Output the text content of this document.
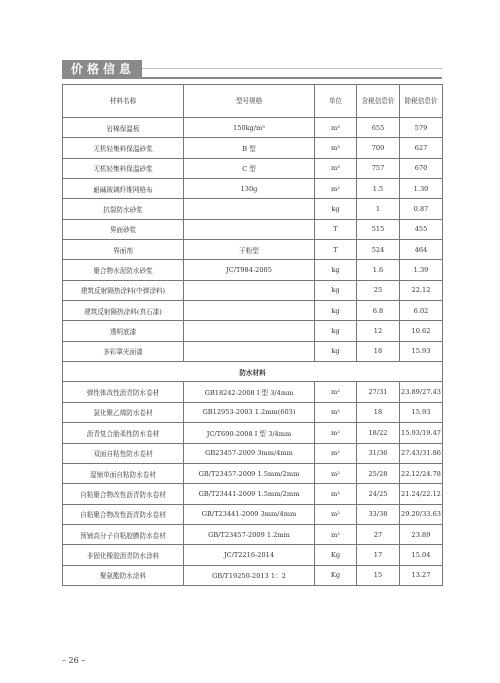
价格信息
材料名称	型号规格	单位	含税信息价	除税信息价
岩棉保温板	150kg/m³	m³	655	579
无机轻集料保温砂浆	B 型	m³	709	627
无机轻集料保温砂浆	C 型	m³	757	670
耐碱玻璃纤维网格布	130g	m²	1.5	1.30
抗裂防水砂浆		kg	1	0.87
界面砂浆		T	515	455
界面剂	干粉型	T	524	464
聚合物水泥防水砂浆	JC/T984-2005	kg	1.6	1.39
建筑反射隔热涂料(中弹涂料)		kg	25	22.12
建筑反射隔热涂料(真石漆)		kg	6.8	6.02
透明底漆		kg	12	10.62
多彩罩光面漆		kg	18	15.93
防水材料				
弹性体改性沥青防水卷材	GB18242-2008 Ⅰ 型 3/4mm	m²	27/31	23.89/27.43
氯化聚乙烯防水卷材	GB12953-2003 1.2mm(603)	m²	18	15.93
沥青复合胎柔性防水卷材	JC/T690-2008 Ⅰ 型 3/4mm	m²	18/22	15.93/19.47
双面自粘性防水卷材	GB23457-2009 3mm/4mm	m²	31/36	27.43/31.86
湿铺单面自粘防水卷材	GB/T23457-2009 1.5mm/2mm	m²	25/28	22.12/24.78
自粘聚合物改性沥青防水卷材	GB/T23441-2009 1.5mm/2mm	m²	24/25	21.24/22.12
自粘聚合物改性沥青防水卷材	GB/T23441-2009 3mm/4mm	m²	33/38	29.20/33.63
预铺高分子自粘胶膜防水卷材	GB/T23457-2009 1.2mm	m²	27	23.89
非固化橡胶沥青防水涂料	JC/T2216-2014	Kg	17	15.04
聚氨酯防水涂料	GB/T19250-2013 1：2	Kg	15	13.27
– 26 –
